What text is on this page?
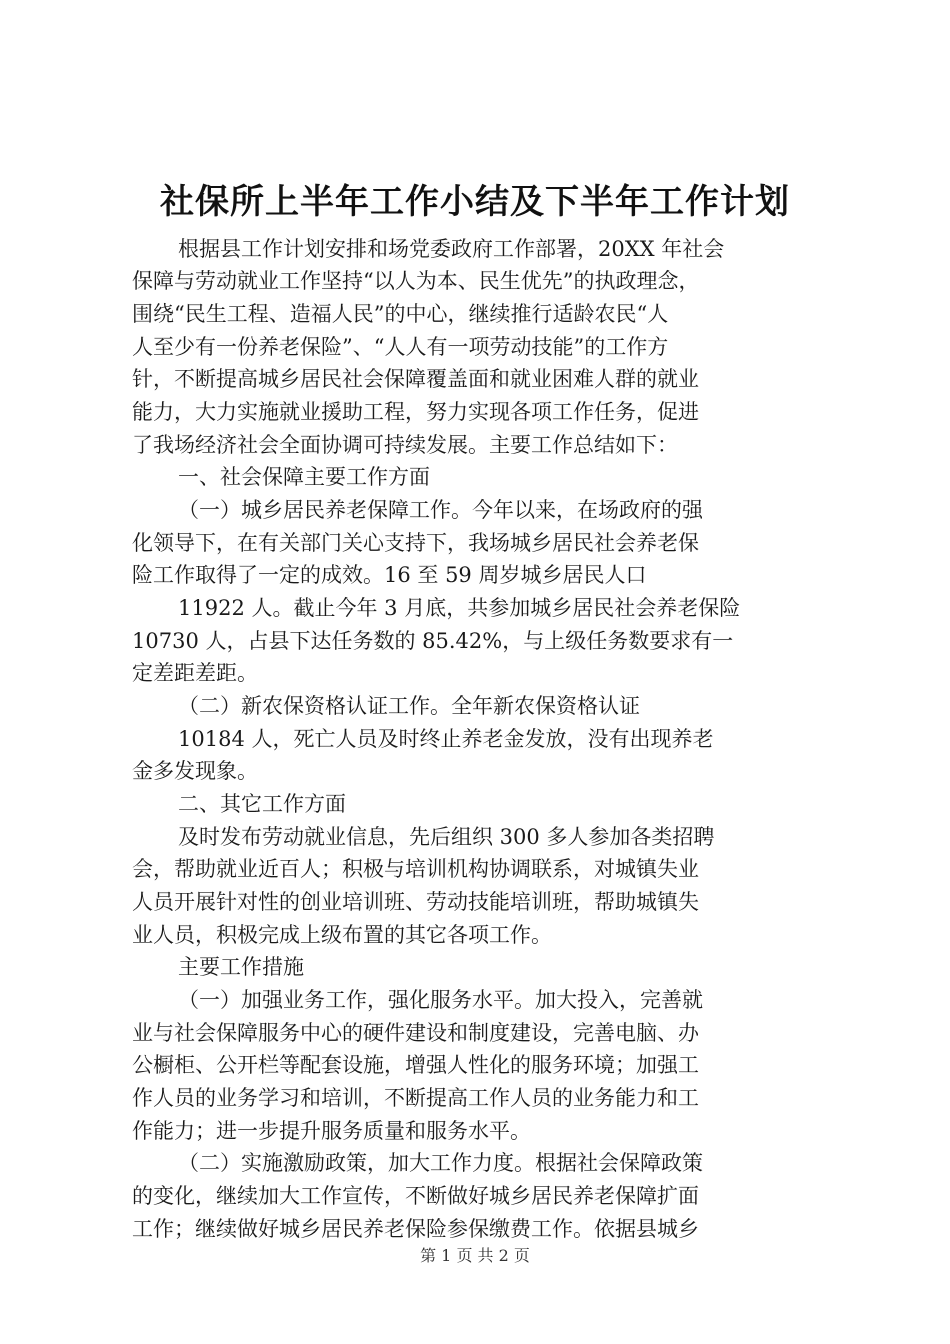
社保所上半年工作小结及下半年工作计划
根据县工作计划安排和场党委政府工作部署，20XX 年社会
保障与劳动就业工作坚持“以人为本、民生优先”的执政理念，
围绕“民生工程、造福人民”的中心，继续推行适龄农民“人
人至少有一份养老保险”、“人人有一项劳动技能”的工作方
针，不断提高城乡居民社会保障覆盖面和就业困难人群的就业
能力，大力实施就业援助工程，努力实现各项工作任务，促进
了我场经济社会全面协调可持续发展。主要工作总结如下：
一、社会保障主要工作方面
（一）城乡居民养老保障工作。今年以来，在场政府的强
化领导下，在有关部门关心支持下，我场城乡居民社会养老保
险工作取得了一定的成效。16 至 59 周岁城乡居民人口
11922 人。截止今年 3 月底，共参加城乡居民社会养老保险
10730 人，占县下达任务数的 85.42%，与上级任务数要求有一
定差距差距。
（二）新农保资格认证工作。全年新农保资格认证
10184 人，死亡人员及时终止养老金发放，没有出现养老
金多发现象。
二、其它工作方面
及时发布劳动就业信息，先后组织 300 多人参加各类招聘
会，帮助就业近百人；积极与培训机构协调联系，对城镇失业
人员开展针对性的创业培训班、劳动技能培训班，帮助城镇失
业人员，积极完成上级布置的其它各项工作。
主要工作措施
（一）加强业务工作，强化服务水平。加大投入，完善就
业与社会保障服务中心的硬件建设和制度建设，完善电脑、办
公橱柜、公开栏等配套设施，增强人性化的服务环境；加强工
作人员的业务学习和培训，不断提高工作人员的业务能力和工
作能力；进一步提升服务质量和服务水平。
（二）实施激励政策，加大工作力度。根据社会保障政策
的变化，继续加大工作宣传，不断做好城乡居民养老保障扩面
工作；继续做好城乡居民养老保险参保缴费工作。依据县城乡
第 1 页 共 2 页
